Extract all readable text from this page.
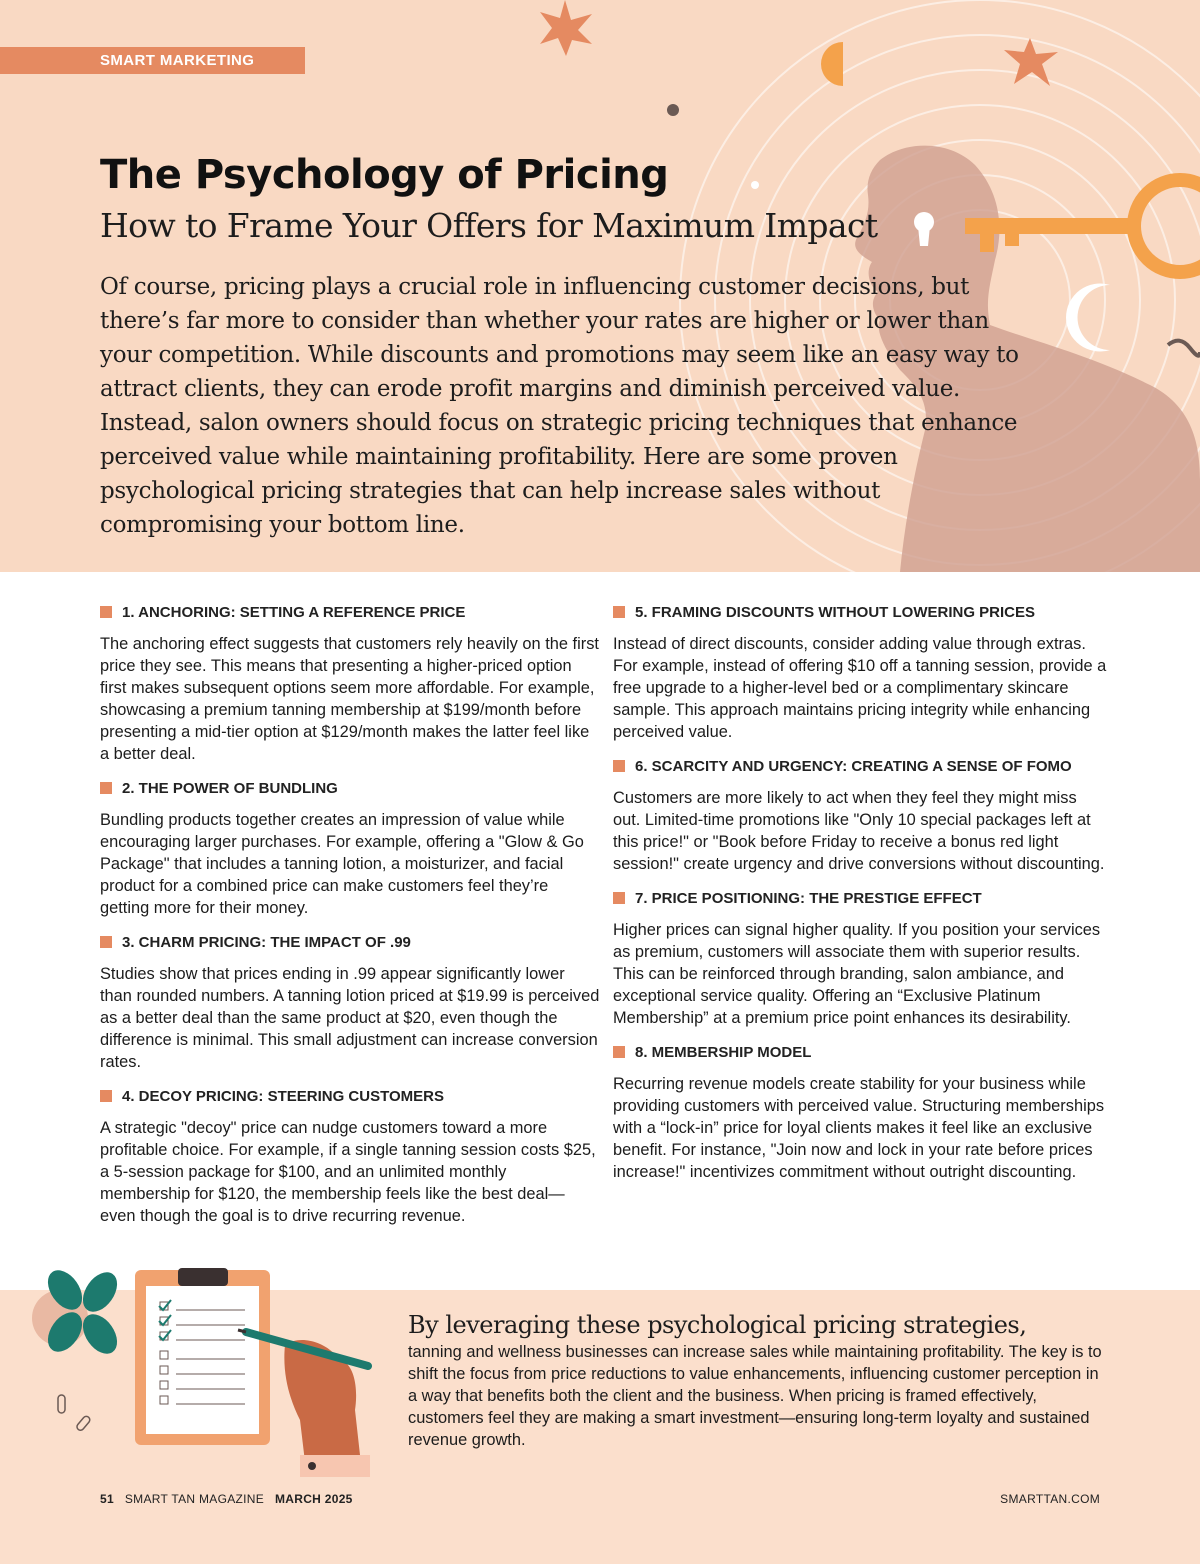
SMART MARKETING
The Psychology of Pricing
How to Frame Your Offers for Maximum Impact

Of course, pricing plays a crucial role in influencing customer decisions, but there’s far more to consider than whether your rates are higher or lower than your competition. While discounts and promotions may seem like an easy way to attract clients, they can erode profit margins and diminish perceived value. Instead, salon owners should focus on strategic pricing techniques that enhance perceived value while maintaining profitability. Here are some proven psychological pricing strategies that can help increase sales without compromising your bottom line.

1. ANCHORING: SETTING A REFERENCE PRICE

The anchoring effect suggests that customers rely heavily on the first price they see. This means that presenting a higher-priced option first makes subsequent options seem more affordable. For example, showcasing a premium tanning membership at $199/month before presenting a mid-tier option at $129/month makes the latter feel like a better deal.

2. THE POWER OF BUNDLING

Bundling products together creates an impression of value while encouraging larger purchases. For example, offering a "Glow & Go Package" that includes a tanning lotion, a moisturizer, and facial product for a combined price can make customers feel they’re getting more for their money.

3. CHARM PRICING: THE IMPACT OF .99

Studies show that prices ending in .99 appear significantly lower than rounded numbers. A tanning lotion priced at $19.99 is perceived as a better deal than the same product at $20, even though the difference is minimal. This small adjustment can increase conversion rates.

4. DECOY PRICING: STEERING CUSTOMERS

A strategic "decoy" price can nudge customers toward a more profitable choice. For example, if a single tanning session costs $25, a 5-session package for $100, and an unlimited monthly membership for $120, the membership feels like the best deal—even though the goal is to drive recurring revenue.

5. FRAMING DISCOUNTS WITHOUT LOWERING PRICES

Instead of direct discounts, consider adding value through extras. For example, instead of offering $10 off a tanning session, provide a free upgrade to a higher-level bed or a complimentary skincare sample. This approach maintains pricing integrity while enhancing perceived value.

6. SCARCITY AND URGENCY: CREATING A SENSE OF FOMO

Customers are more likely to act when they feel they might miss out. Limited-time promotions like "Only 10 special packages left at this price!" or "Book before Friday to receive a bonus red light session!" create urgency and drive conversions without discounting.

7. PRICE POSITIONING: THE PRESTIGE EFFECT

Higher prices can signal higher quality. If you position your services as premium, customers will associate them with superior results. This can be reinforced through branding, salon ambiance, and exceptional service quality. Offering an “Exclusive Platinum Membership” at a premium price point enhances its desirability.

8. MEMBERSHIP MODEL

Recurring revenue models create stability for your business while providing customers with perceived value. Structuring memberships with a “lock-in” price for loyal clients makes it feel like an exclusive benefit. For instance, "Join now and lock in your rate before prices increase!" incentivizes commitment without outright discounting.

By leveraging these psychological pricing strategies,

tanning and wellness businesses can increase sales while maintaining profitability. The key is to shift the focus from price reductions to value enhancements, influencing customer perception in a way that benefits both the client and the business. When pricing is framed effectively, customers feel they are making a smart investment—ensuring long-term loyalty and sustained revenue growth.

51 SMART TAN MAGAZINE MARCH 2025	SMARTTAN.COM
